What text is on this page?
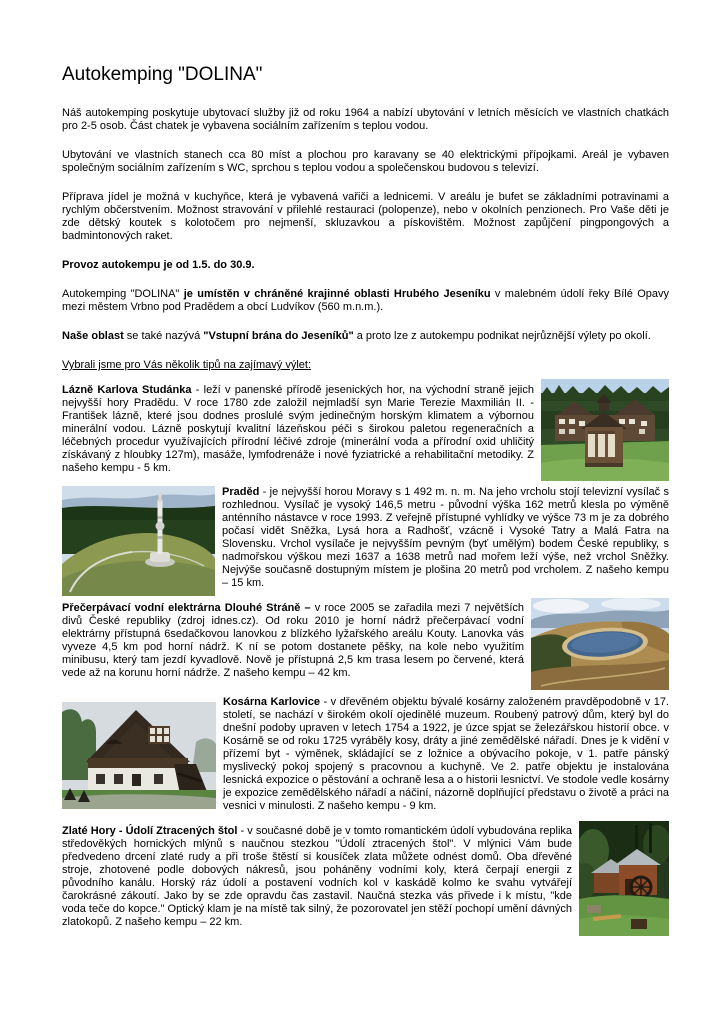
Autokemping "DOLINA"

Náš autokemping poskytuje ubytovací služby již od roku 1964 a nabízí ubytování v letních měsících ve vlastních chatkách pro 2-5 osob. Část chatek je vybavena sociálním zařízením s teplou vodou.

Ubytování ve vlastních stanech cca 80 míst a plochou pro karavany se 40 elektrickými přípojkami. Areál je vybaven společným sociálním zařízením s WC, sprchou s teplou vodou a společenskou budovou s televizí.

Příprava jídel je možná v kuchyňce, která je vybavená vařiči a lednicemi. V areálu je bufet se základními potravinami a rychlým občerstvením. Možnost stravování v přilehlé restauraci (polopenze), nebo v okolních penzionech. Pro Vaše děti je zde dětský koutek s kolotočem pro nejmenší, skluzavkou a pískovištěm. Možnost zapůjčení pingpongových a badmintonových raket.

Provoz autokempu je od 1.5. do 30.9.

Autokemping "DOLINA" je umístěn v chráněné krajinné oblasti Hrubého Jeseníku v malebném údolí řeky Bílé Opavy mezi městem Vrbno pod Pradědem a obcí Ludvíkov (560 m.n.m.).

Naše oblast se také nazývá "Vstupní brána do Jeseníků" a proto lze z autokempu podnikat nejrůznější výlety po okolí.

Vybrali jsme pro Vás několik tipů na zajímavý výlet:

Lázně Karlova Studánka - leží v panenské přírodě jesenických hor, na východní straně jejich nejvyšší hory Pradědu. V roce 1780 zde založil nejmladší syn Marie Terezie Maxmilián II. - František lázně, které jsou dodnes proslulé svým jedinečným horským klimatem a výbornou minerální vodou. Lázně poskytují kvalitní lázeňskou péči s širokou paletou regeneračních a léčebných procedur využívajících přírodní léčivé zdroje (minerální voda a přírodní oxid uhličitý získávaný z hloubky 127m), masáže, lymfodrenáže i nové fyziatrické a rehabilitační metodiky. Z našeho kempu - 5 km.

Praděd - je nejvyšší horou Moravy s 1 492 m. n. m. Na jeho vrcholu stojí televizní vysílač s rozhlednou. Vysílač je vysoký 146,5 metru - původní výška 162 metrů klesla po výměně anténního nástavce v roce 1993. Z veřejně přístupné vyhlídky ve výšce 73 m je za dobrého počasí vidět Sněžka, Lysá hora a Radhošť, vzácně i Vysoké Tatry a Malá Fatra na Slovensku. Vrchol vysílače je nejvyšším pevným (byť umělým) bodem České republiky, s nadmořskou výškou mezi 1637 a 1638 metrů nad mořem leží výše, než vrchol Sněžky. Nejvýše současně dostupným místem je plošina 20 metrů pod vrcholem. Z našeho kempu – 15 km.

Přečerpávací vodní elektrárna Dlouhé Stráně – v roce 2005 se zařadila mezi 7 největších divů České republiky (zdroj idnes.cz). Od roku 2010 je horní nádrž přečerpávací vodní elektrárny přístupná 6sedačkovou lanovkou z blízkého lyžařského areálu Kouty. Lanovka vás vyveze 4,5 km pod horní nádrž. K ní se potom dostanete pěšky, na kole nebo využitím minibusu, který tam jezdí kyvadlově. Nově je přístupná 2,5 km trasa lesem po červené, která vede až na korunu horní nádrže. Z našeho kempu – 42 km.

Kosárna Karlovice - v dřevěném objektu bývalé kosárny založeném pravděpodobně v 17. století, se nachází v širokém okolí ojedinělé muzeum. Roubený patrový dům, který byl do dnešní podoby upraven v letech 1754 a 1922, je úzce spjat se železářskou historií obce. v Kosárně se od roku 1725 vyráběly kosy, dráty a jiné zemědělské nářadí. Dnes je k vidění v přízemí byt - výměnek, skládající se z ložnice a obývacího pokoje, v 1. patře pánský myslivecký pokoj spojený s pracovnou a kuchyně. Ve 2. patře objektu je instalována lesnická expozice o pěstování a ochraně lesa a o historii lesnictví. Ve stodole vedle kosárny je expozice zemědělského nářadí a náčiní, názorně doplňující představu o životě a práci na vesnici v minulosti. Z našeho kempu - 9 km.

Zlaté Hory - Údolí Ztracených štol - v současné době je v tomto romantickém údolí vybudována replika středověkých hornických mlýnů s naučnou stezkou "Údolí ztracených štol". V mlýnici Vám bude předvedeno drcení zlaté rudy a při troše štěstí si kousíček zlata můžete odnést domů. Oba dřevěné stroje, zhotovené podle dobových nákresů, jsou poháněny vodními koly, která čerpají energii z původního kanálu. Horský ráz údolí a postavení vodních kol v kaskádě kolmo ke svahu vytvářejí čarokrásné zákoutí. Jako by se zde opravdu čas zastavil. Naučná stezka vás přivede i k místu, "kde voda teče do kopce." Optický klam je na místě tak silný, že pozorovatel jen stěží pochopí umění dávných zlatokopů. Z našeho kempu – 22 km.
